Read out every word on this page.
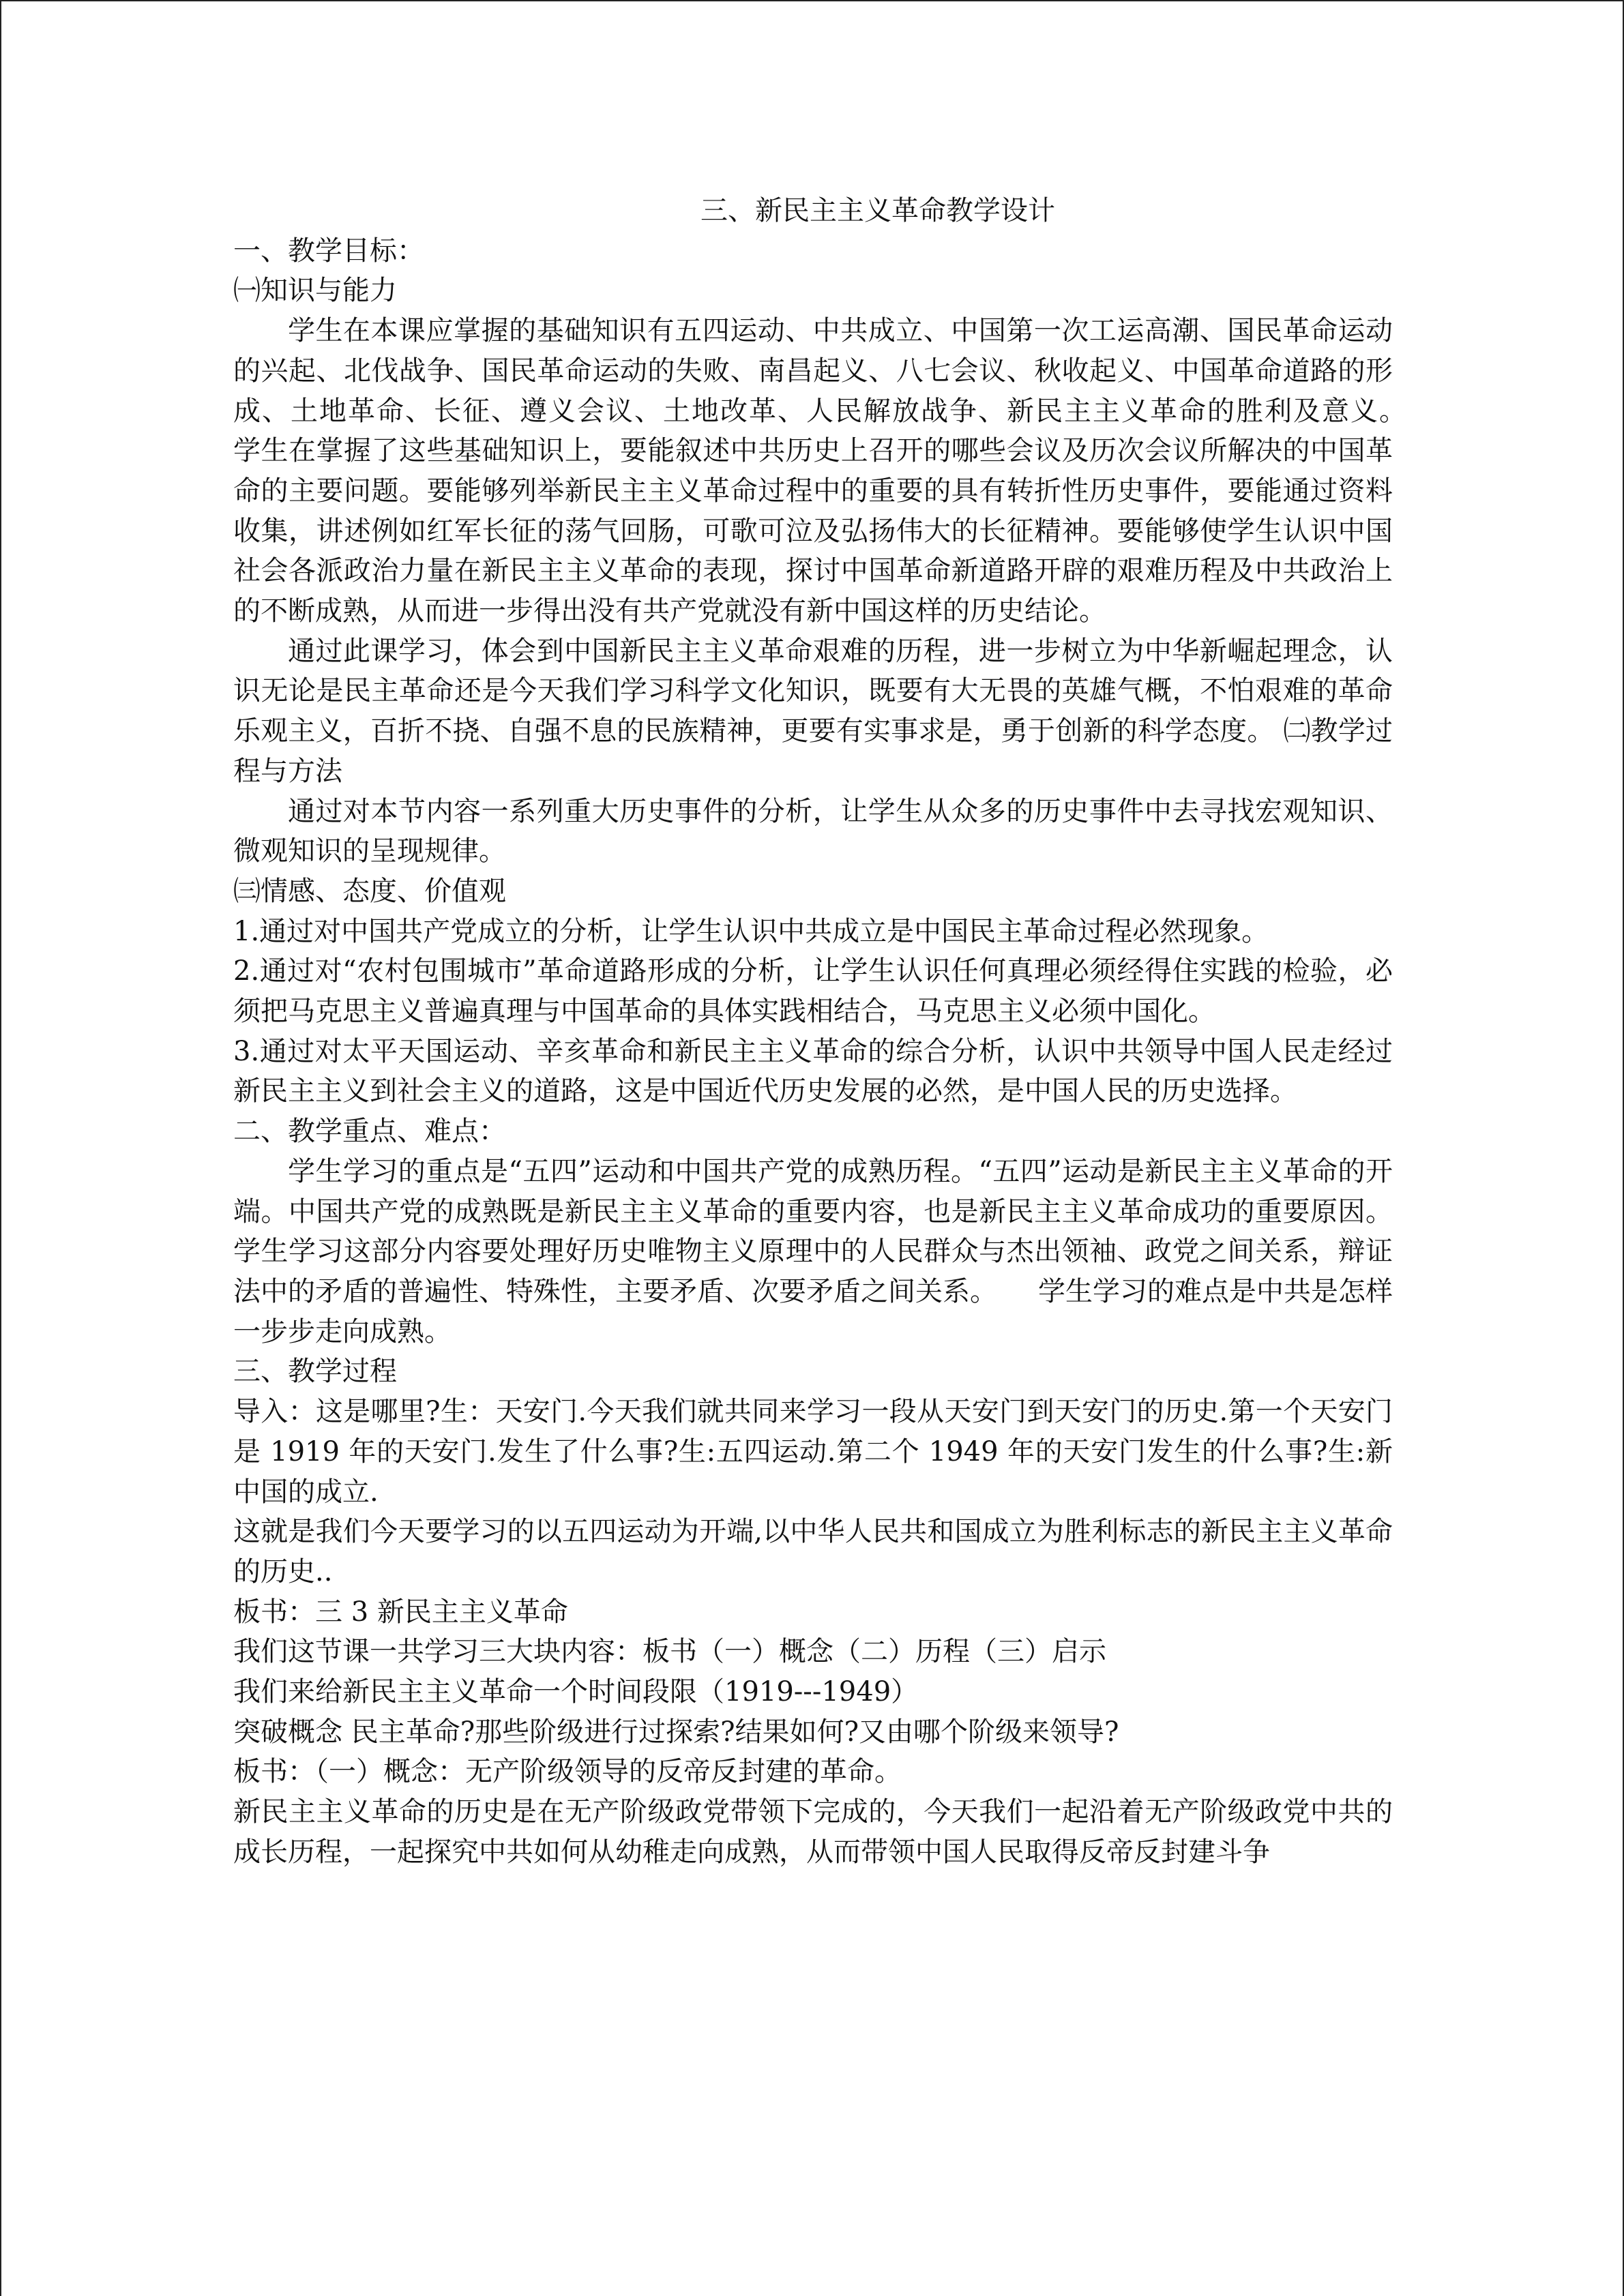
三、新民主主义革命教学设计

一、教学目标：

㈠知识与能力

学生在本课应掌握的基础知识有五四运动、中共成立、中国第一次工运高潮、国民革命运动的兴起、北伐战争、国民革命运动的失败、南昌起义、八七会议、秋收起义、中国革命道路的形成、土地革命、长征、遵义会议、土地改革、人民解放战争、新民主主义革命的胜利及意义。　　学生在掌握了这些基础知识上，要能叙述中共历史上召开的哪些会议及历次会议所解决的中国革命的主要问题。要能够列举新民主主义革命过程中的重要的具有转折性历史事件，要能通过资料收集，讲述例如红军长征的荡气回肠，可歌可泣及弘扬伟大的长征精神。要能够使学生认识中国社会各派政治力量在新民主主义革命的表现，探讨中国革命新道路开辟的艰难历程及中共政治上的不断成熟，从而进一步得出没有共产党就没有新中国这样的历史结论。

通过此课学习，体会到中国新民主主义革命艰难的历程，进一步树立为中华新崛起理念，认识无论是民主革命还是今天我们学习科学文化知识，既要有大无畏的英雄气概，不怕艰难的革命乐观主义，百折不挠、自强不息的民族精神，更要有实事求是，勇于创新的科学态度。 ㈡教学过程与方法

通过对本节内容一系列重大历史事件的分析，让学生从众多的历史事件中去寻找宏观知识、微观知识的呈现规律。

㈢情感、态度、价值观

1.通过对中国共产党成立的分析，让学生认识中共成立是中国民主革命过程必然现象。

2.通过对“农村包围城市”革命道路形成的分析，让学生认识任何真理必须经得住实践的检验，必须把马克思主义普遍真理与中国革命的具体实践相结合，马克思主义必须中国化。

3.通过对太平天国运动、辛亥革命和新民主主义革命的综合分析，认识中共领导中国人民走经过新民主主义到社会主义的道路，这是中国近代历史发展的必然，是中国人民的历史选择。

二、教学重点、难点：

学生学习的重点是“五四”运动和中国共产党的成熟历程。“五四”运动是新民主主义革命的开端。中国共产党的成熟既是新民主主义革命的重要内容，也是新民主主义革命成功的重要原因。学生学习这部分内容要处理好历史唯物主义原理中的人民群众与杰出领袖、政党之间关系，辩证法中的矛盾的普遍性、特殊性，主要矛盾、次要矛盾之间关系。　　学生学习的难点是中共是怎样一步步走向成熟。

三、教学过程

导入：这是哪里?生：天安门.今天我们就共同来学习一段从天安门到天安门的历史.第一个天安门是 1919 年的天安门.发生了什么事?生:五四运动.第二个 1949 年的天安门发生的什么事?生:新中国的成立.

这就是我们今天要学习的以五四运动为开端,以中华人民共和国成立为胜利标志的新民主主义革命的历史..

板书：三 3 新民主主义革命

我们这节课一共学习三大块内容：板书（一）概念（二）历程（三）启示

我们来给新民主主义革命一个时间段限（1919---1949）

突破概念 民主革命?那些阶级进行过探索?结果如何?又由哪个阶级来领导?

板书：（一）概念：无产阶级领导的反帝反封建的革命。

新民主主义革命的历史是在无产阶级政党带领下完成的，今天我们一起沿着无产阶级政党中共的成长历程，一起探究中共如何从幼稚走向成熟，从而带领中国人民取得反帝反封建斗争
